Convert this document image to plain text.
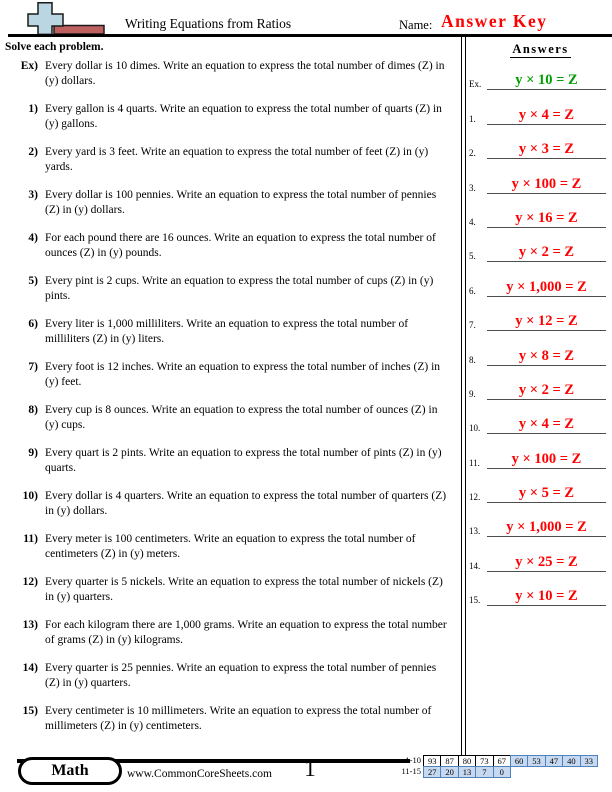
Writing Equations from Ratios	Name: Answer Key
Solve each problem.
Ex) Every dollar is 10 dimes. Write an equation to express the total number of dimes (Z) in (y) dollars.
1) Every gallon is 4 quarts. Write an equation to express the total number of quarts (Z) in (y) gallons.
2) Every yard is 3 feet. Write an equation to express the total number of feet (Z) in (y) yards.
3) Every dollar is 100 pennies. Write an equation to express the total number of pennies (Z) in (y) dollars.
4) For each pound there are 16 ounces. Write an equation to express the total number of ounces (Z) in (y) pounds.
5) Every pint is 2 cups. Write an equation to express the total number of cups (Z) in (y) pints.
6) Every liter is 1,000 milliliters. Write an equation to express the total number of milliliters (Z) in (y) liters.
7) Every foot is 12 inches. Write an equation to express the total number of inches (Z) in (y) feet.
8) Every cup is 8 ounces. Write an equation to express the total number of ounces (Z) in (y) cups.
9) Every quart is 2 pints. Write an equation to express the total number of pints (Z) in (y) quarts.
10) Every dollar is 4 quarters. Write an equation to express the total number of quarters (Z) in (y) dollars.
11) Every meter is 100 centimeters. Write an equation to express the total number of centimeters (Z) in (y) meters.
12) Every quarter is 5 nickels. Write an equation to express the total number of nickels (Z) in (y) quarters.
13) For each kilogram there are 1,000 grams. Write an equation to express the total number of grams (Z) in (y) kilograms.
14) Every quarter is 25 pennies. Write an equation to express the total number of pennies (Z) in (y) quarters.
15) Every centimeter is 10 millimeters. Write an equation to express the total number of millimeters (Z) in (y) centimeters.
Answers
Ex.	y × 10 = Z
1.	y × 4 = Z
2.	y × 3 = Z
3.	y × 100 = Z
4.	y × 16 = Z
5.	y × 2 = Z
6.	y × 1,000 = Z
7.	y × 12 = Z
8.	y × 8 = Z
9.	y × 2 = Z
10.	y × 4 = Z
11.	y × 100 = Z
12.	y × 5 = Z
13.	y × 1,000 = Z
14.	y × 25 = Z
15.	y × 10 = Z
Math	www.CommonCoreSheets.com	1	1-10 93	87	80	73	67	60	53	47	40	33
11-15 27	20	13	7	0
